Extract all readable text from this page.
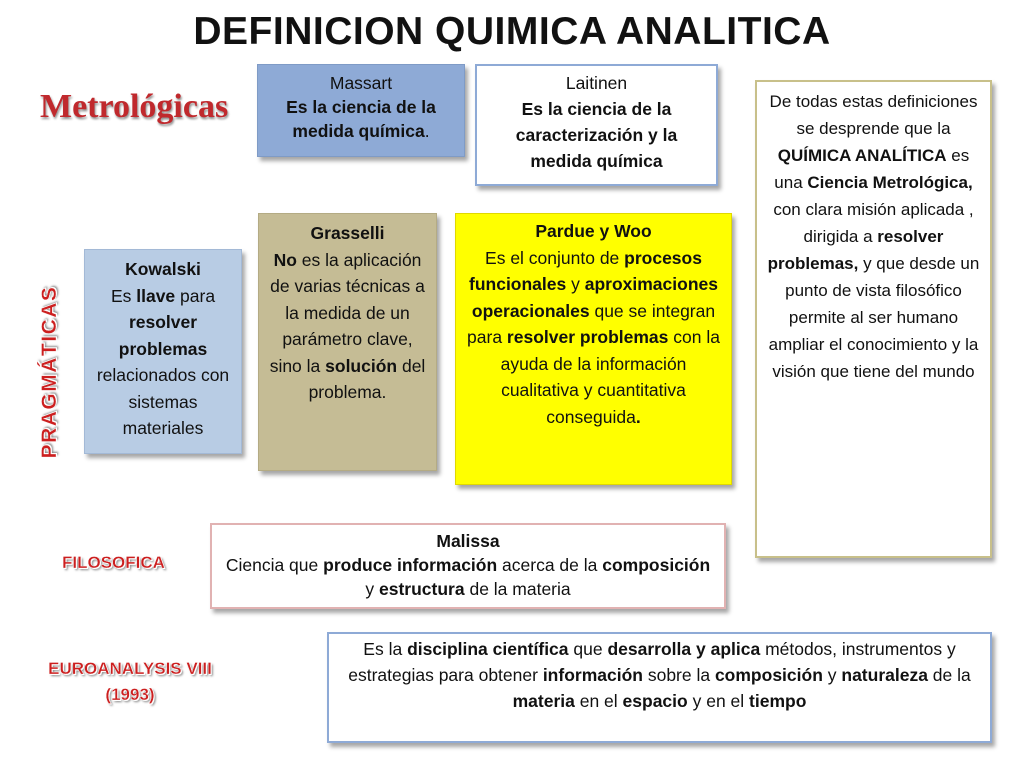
DEFINICION QUIMICA ANALITICA
Metrológicas
PRAGMÁTICAS
FILOSOFICA
EUROANALYSIS VIII
(1993)
Massart
Es la ciencia de la medida química.
Laitinen
Es la ciencia de la caracterización y la medida química
De todas estas definiciones se desprende que la QUÍMICA ANALÍTICA es una Ciencia Metrológica, con clara misión aplicada , dirigida a resolver problemas, y que desde un punto de vista filosófico permite al ser humano ampliar el conocimiento y la visión que tiene del mundo
Kowalski
Es llave para resolver problemas relacionados con sistemas materiales
Grasselli
No es la aplicación de varias técnicas a la medida de un parámetro clave, sino la solución del problema.
Pardue y Woo
Es el conjunto de procesos funcionales y aproximaciones operacionales que se integran para resolver problemas con la ayuda de la información cualitativa y cuantitativa conseguida.
Malissa
Ciencia que produce información acerca de la composición y estructura de la materia
Es la disciplina científica que desarrolla y aplica métodos, instrumentos y estrategias para obtener información sobre la composición y naturaleza de la materia en el espacio y en el tiempo
